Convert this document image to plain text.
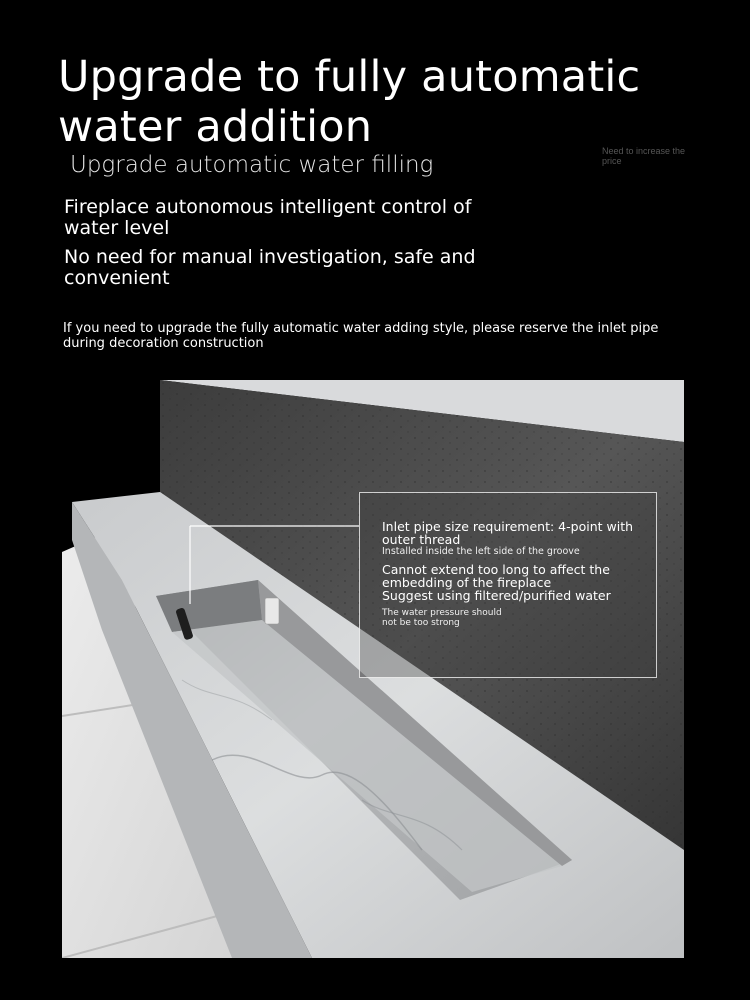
Upgrade to fully automatic water addition

Upgrade automatic water filling

Need to increase the price

Fireplace autonomous intelligent control of water level

No need for manual investigation, safe and convenient

If you need to upgrade the fully automatic water adding style, please reserve the inlet pipe during decoration construction
Inlet pipe size requirement: 4-point with outer thread
Installed inside the left side of the groove
Cannot extend too long to affect the embedding of the fireplace
Suggest using filtered/purified water
The water pressure should not be too strong
